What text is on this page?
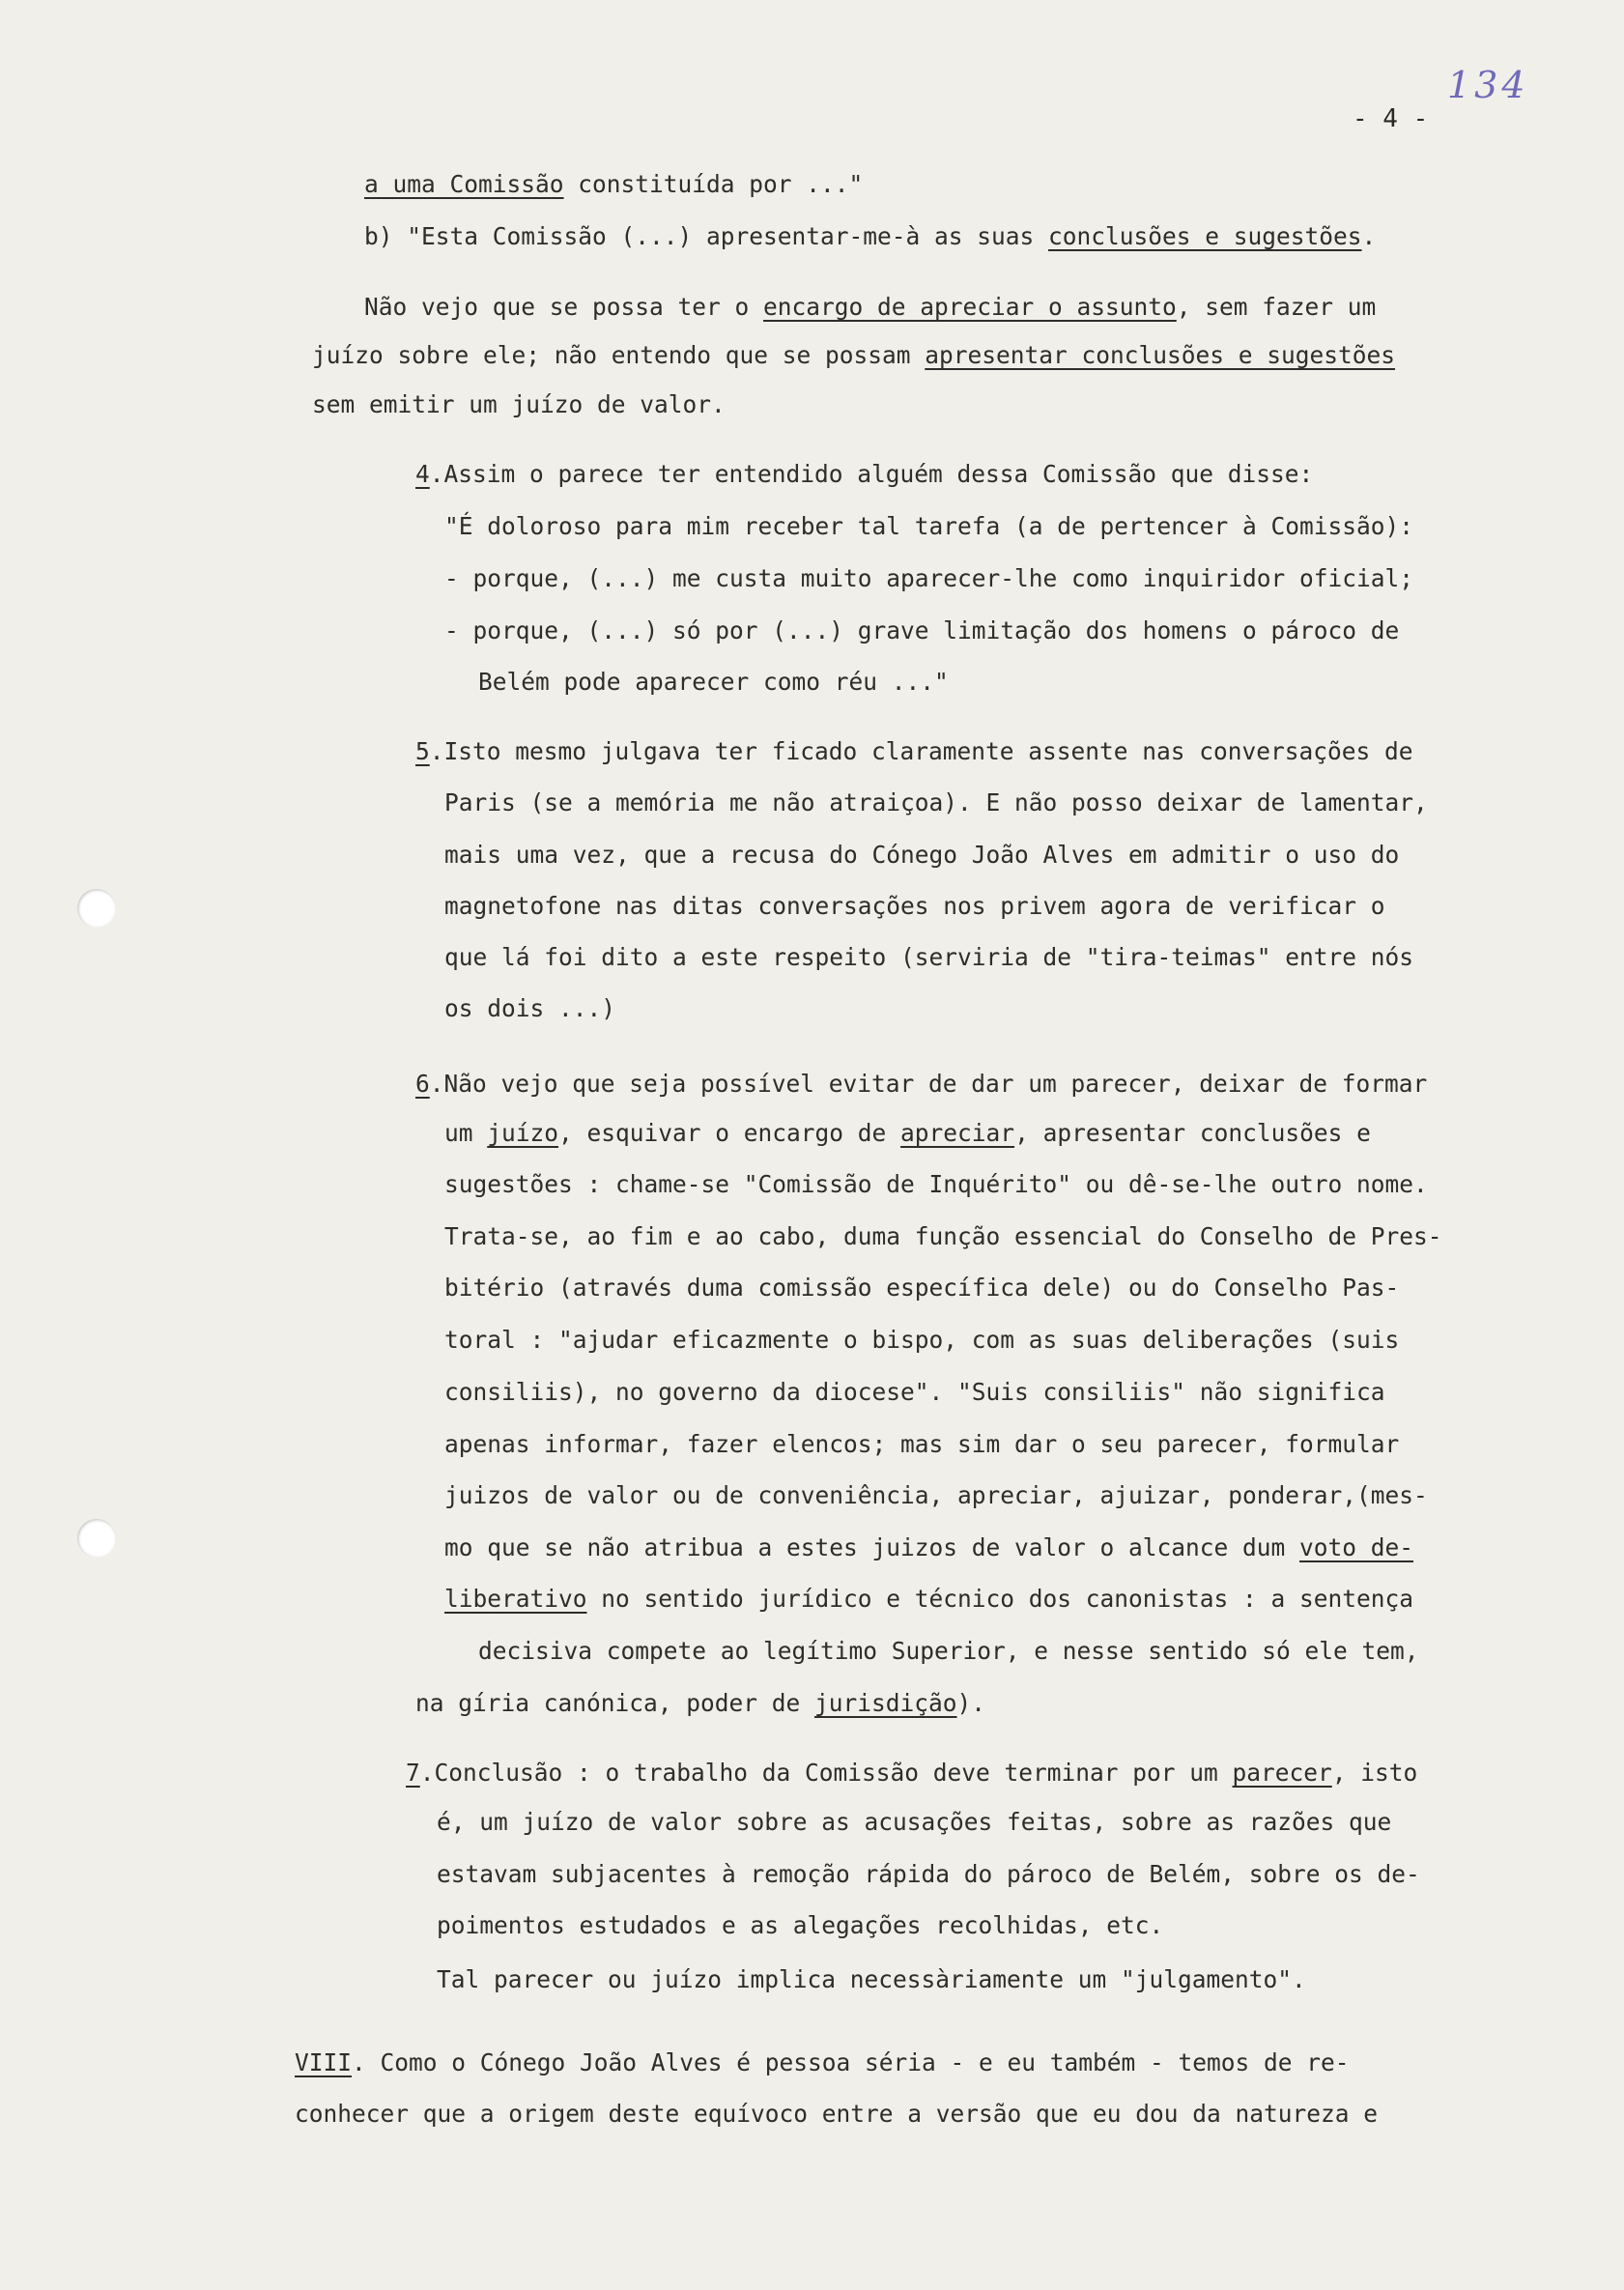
134
- 4 -
a uma Comissão constituída por ..."
b) "Esta Comissão (...) apresentar-me-à as suas conclusões e sugestões.
Não vejo que se possa ter o encargo de apreciar o assunto, sem fazer um
juízo sobre ele; não entendo que se possam apresentar conclusões e sugestões
sem emitir um juízo de valor.
4.Assim o parece ter entendido alguém dessa Comissão que disse:
"É doloroso para mim receber tal tarefa (a de pertencer à Comissão):
- porque, (...) me custa muito aparecer-lhe como inquiridor oficial;
- porque, (...) só por (...) grave limitação dos homens o pároco de
Belém pode aparecer como réu ..."
5.Isto mesmo julgava ter ficado claramente assente nas conversações de
Paris (se a memória me não atraiçoa). E não posso deixar de lamentar,
mais uma vez, que a recusa do Cónego João Alves em admitir o uso do
magnetofone nas ditas conversações nos privem agora de verificar o
que lá foi dito a este respeito (serviria de "tira-teimas" entre nós
os dois ...)
6.Não vejo que seja possível evitar de dar um parecer, deixar de formar
um juízo, esquivar o encargo de apreciar, apresentar conclusões e
sugestões : chame-se "Comissão de Inquérito" ou dê-se-lhe outro nome.
Trata-se, ao fim e ao cabo, duma função essencial do Conselho de Pres-
bitério (através duma comissão específica dele) ou do Conselho Pas-
toral : "ajudar eficazmente o bispo, com as suas deliberações (suis
consiliis), no governo da diocese". "Suis consiliis" não significa
apenas informar, fazer elencos; mas sim dar o seu parecer, formular
juizos de valor ou de conveniência, apreciar, ajuizar, ponderar,(mes-
mo que se não atribua a estes juizos de valor o alcance dum voto de-
liberativo no sentido jurídico e técnico dos canonistas : a sentença
decisiva compete ao legítimo Superior, e nesse sentido só ele tem,
na gíria canónica, poder de jurisdição).
7.Conclusão : o trabalho da Comissão deve terminar por um parecer, isto
é, um juízo de valor sobre as acusações feitas, sobre as razões que
estavam subjacentes à remoção rápida do pároco de Belém, sobre os de-
poimentos estudados e as alegações recolhidas, etc.
Tal parecer ou juízo implica necessàriamente um "julgamento".
VIII. Como o Cónego João Alves é pessoa séria - e eu também - temos de re-
conhecer que a origem deste equívoco entre a versão que eu dou da natureza e
